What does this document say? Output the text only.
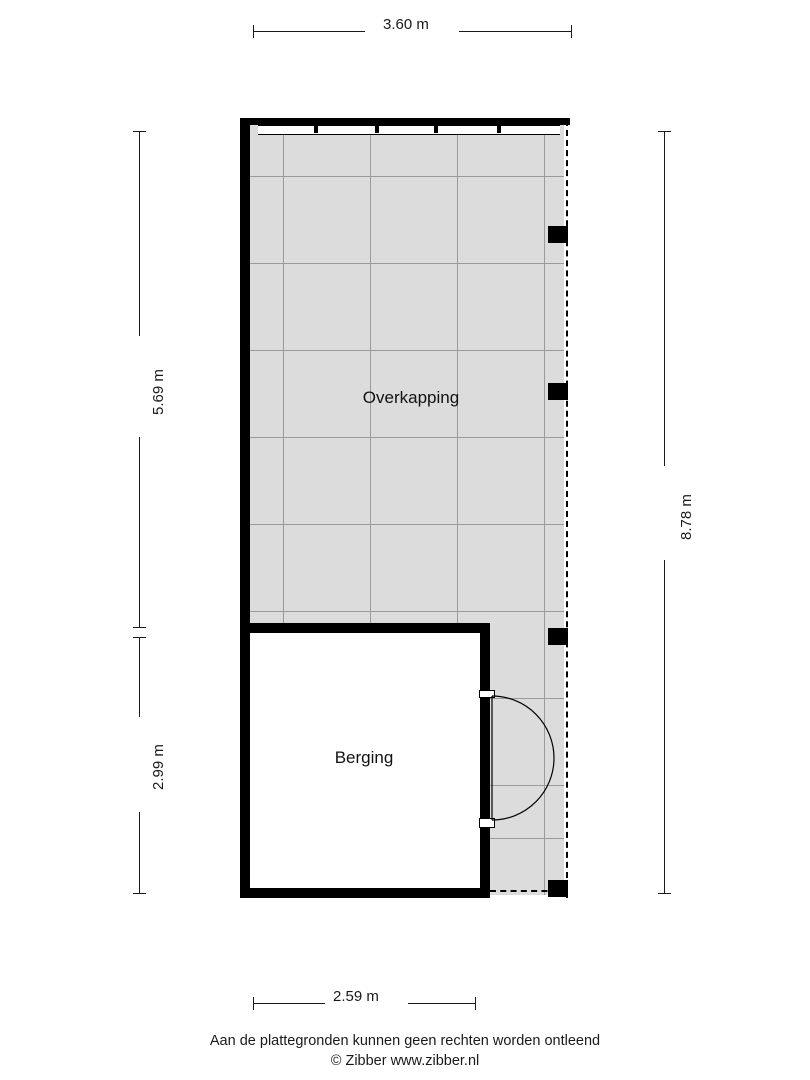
3.60 m
5.69 m
2.99 m
8.78 m
2.59 m
Overkapping
Berging
Aan de plattegronden kunnen geen rechten worden ontleend
© Zibber www.zibber.nl
